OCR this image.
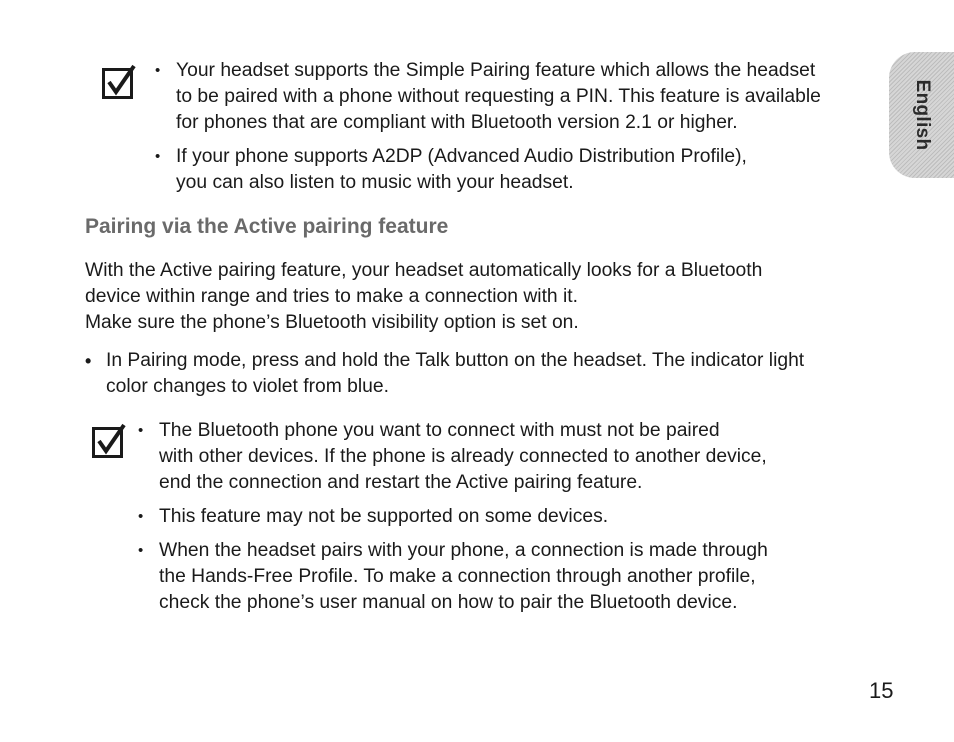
English
• Your headset supports the Simple Pairing feature which allows the headset
to be paired with a phone without requesting a PIN. This feature is available
for phones that are compliant with Bluetooth version 2.1 or higher.
• If your phone supports A2DP (Advanced Audio Distribution Profile),
you can also listen to music with your headset.
Pairing via the Active pairing feature

With the Active pairing feature, your headset automatically looks for a Bluetooth
device within range and tries to make a connection with it.
Make sure the phone’s Bluetooth visibility option is set on.

• In Pairing mode, press and hold the Talk button on the headset. The indicator light
color changes to violet from blue.
• The Bluetooth phone you want to connect with must not be paired
with other devices. If the phone is already connected to another device,
end the connection and restart the Active pairing feature.
• This feature may not be supported on some devices.
• When the headset pairs with your phone, a connection is made through
the Hands-Free Profile. To make a connection through another profile,
check the phone’s user manual on how to pair the Bluetooth device.
15
